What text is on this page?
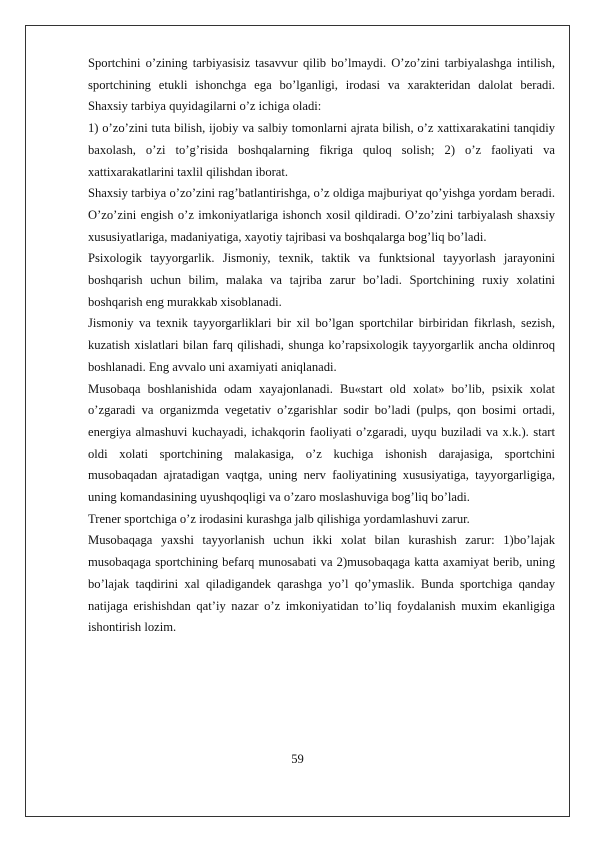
Sportchini o’zining tarbiyasisiz tasavvur qilib bo’lmaydi. O’zo’zini tarbiyalashga intilish, sportchining etukli ishonchga ega bo’lganligi, irodasi va xarakteridan dalolat beradi. Shaxsiy tarbiya quyidagilarni o’z ichiga oladi:

1) o’zo’zini tuta bilish, ijobiy va salbiy tomonlarni ajrata bilish, o’z xattixarakatini tanqidiy baxolash, o’zi to’g’risida boshqalarning fikriga quloq solish; 2) o’z faoliyati va xattixarakatlarini taxlil qilishdan iborat.

Shaxsiy tarbiya o’zo’zini rag’batlantirishga, o’z oldiga majburiyat qo’yishga yordam beradi. O’zo’zini engish o’z imkoniyatlariga ishonch xosil qildiradi. O’zo’zini tarbiyalash shaxsiy xususiyatlariga, madaniyatiga, xayotiy tajribasi va boshqalarga bog’liq bo’ladi.

Psixologik tayyorgarlik. Jismoniy, texnik, taktik va funktsional tayyorlash jarayonini boshqarish uchun bilim, malaka va tajriba zarur bo’ladi. Sportchining ruxiy xolatini boshqarish eng murakkab xisoblanadi.

Jismoniy va texnik tayyorgarliklari bir xil bo’lgan sportchilar birbiridan fikrlash, sezish, kuzatish xislatlari bilan farq qilishadi, shunga ko’rapsixologik tayyorgarlik ancha oldinroq boshlanadi. Eng avvalo uni axamiyati aniqlanadi.

Musobaqa boshlanishida odam xayajonlanadi. Bu«start old xolat» bo’lib, psixik xolat o’zgaradi va organizmda vegetativ o’zgarishlar sodir bo’ladi (pulps, qon bosimi ortadi, energiya almashuvi kuchayadi, ichakqorin faoliyati o’zgaradi, uyqu buziladi va x.k.). start oldi xolati sportchining malakasiga, o’z kuchiga ishonish darajasiga, sportchini musobaqadan ajratadigan vaqtga, uning nerv faoliyatining xususiyatiga, tayyorgarligiga, uning komandasining uyushqoqligi va o’zaro moslashuviga bog’liq bo’ladi.

Trener sportchiga o’z irodasini kurashga jalb qilishiga yordamlashuvi zarur.

Musobaqaga yaxshi tayyorlanish uchun ikki xolat bilan kurashish zarur: 1)bo’lajak musobaqaga sportchining befarq munosabati va 2)musobaqaga katta axamiyat berib, uning bo’lajak taqdirini xal qiladigandek qarashga yo’l qo’ymaslik. Bunda sportchiga qanday natijaga erishishdan qat’iy nazar o’z imkoniyatidan to’liq foydalanish muxim ekanligiga ishontirish lozim.

59
